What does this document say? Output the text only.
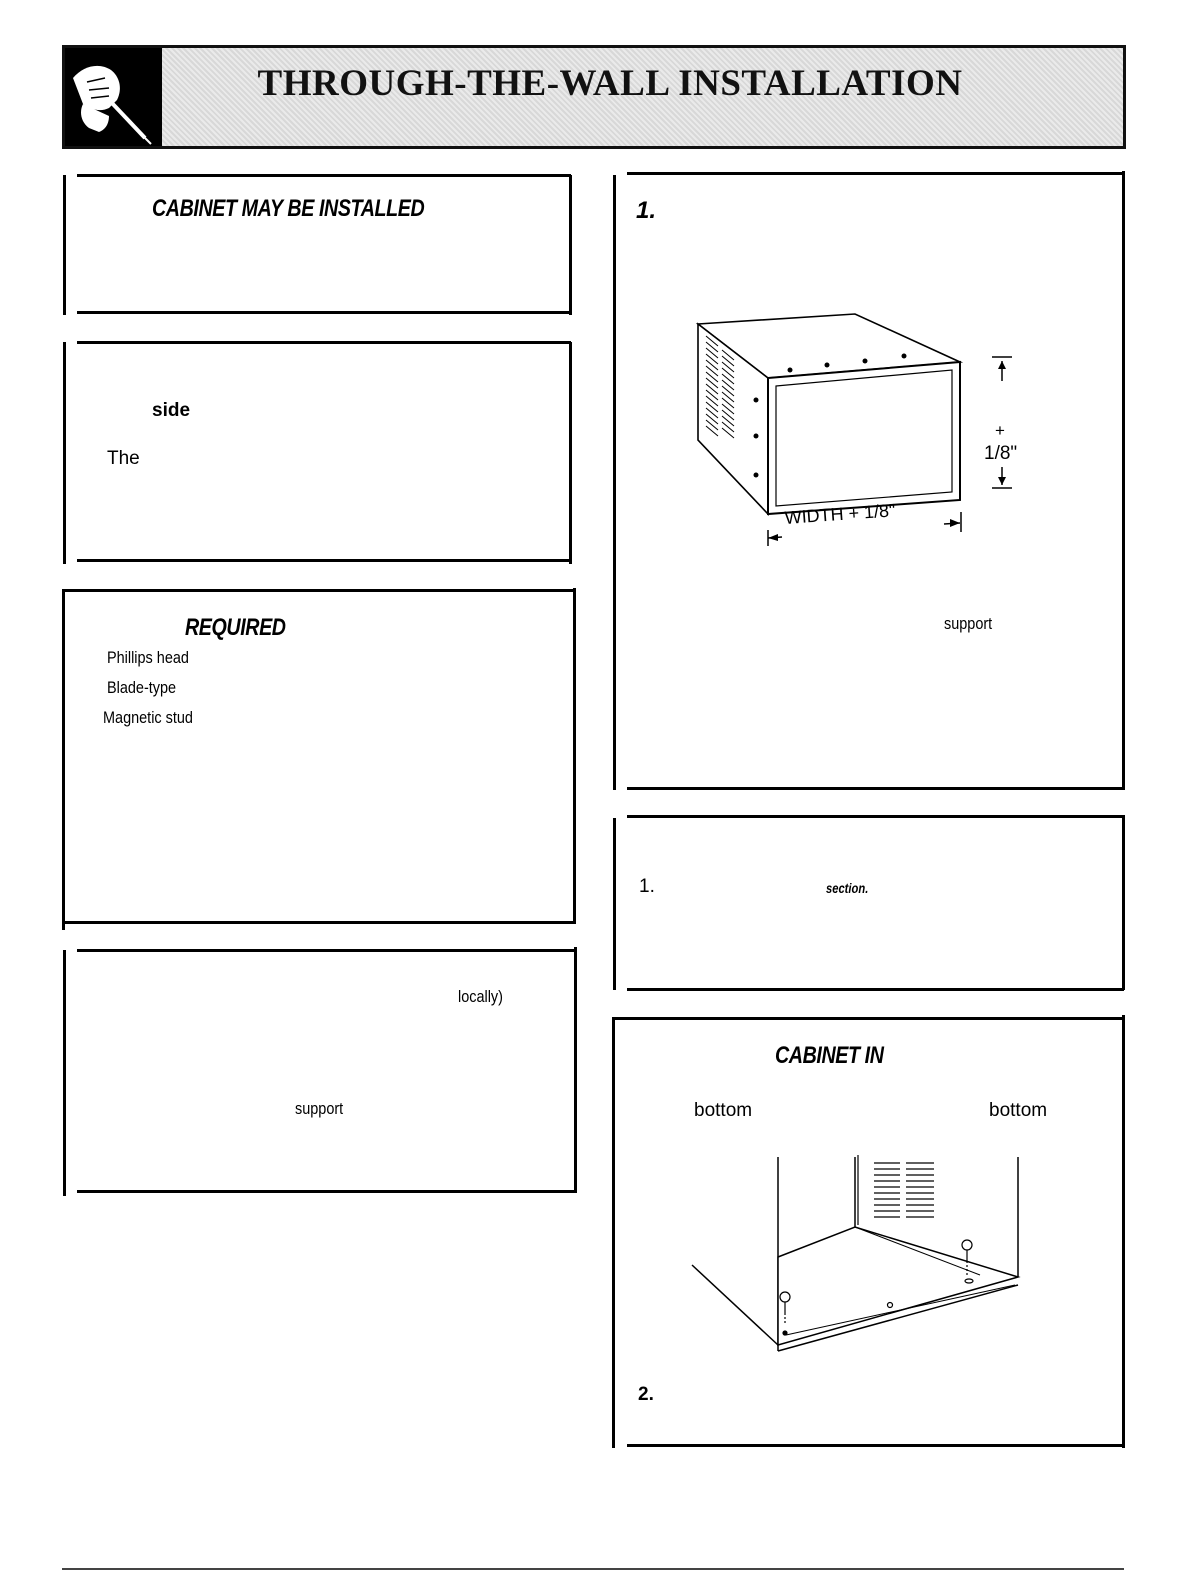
THROUGH-THE-WALL INSTALLATION
CABINET MAY BE INSTALLED
side
The
REQUIRED
Phillips head
Blade-type
Magnetic stud
locally)
support
1.
+
1/8"
WIDTH + 1/8"
support
1.	section.
CABINET IN
bottom	bottom
2.
